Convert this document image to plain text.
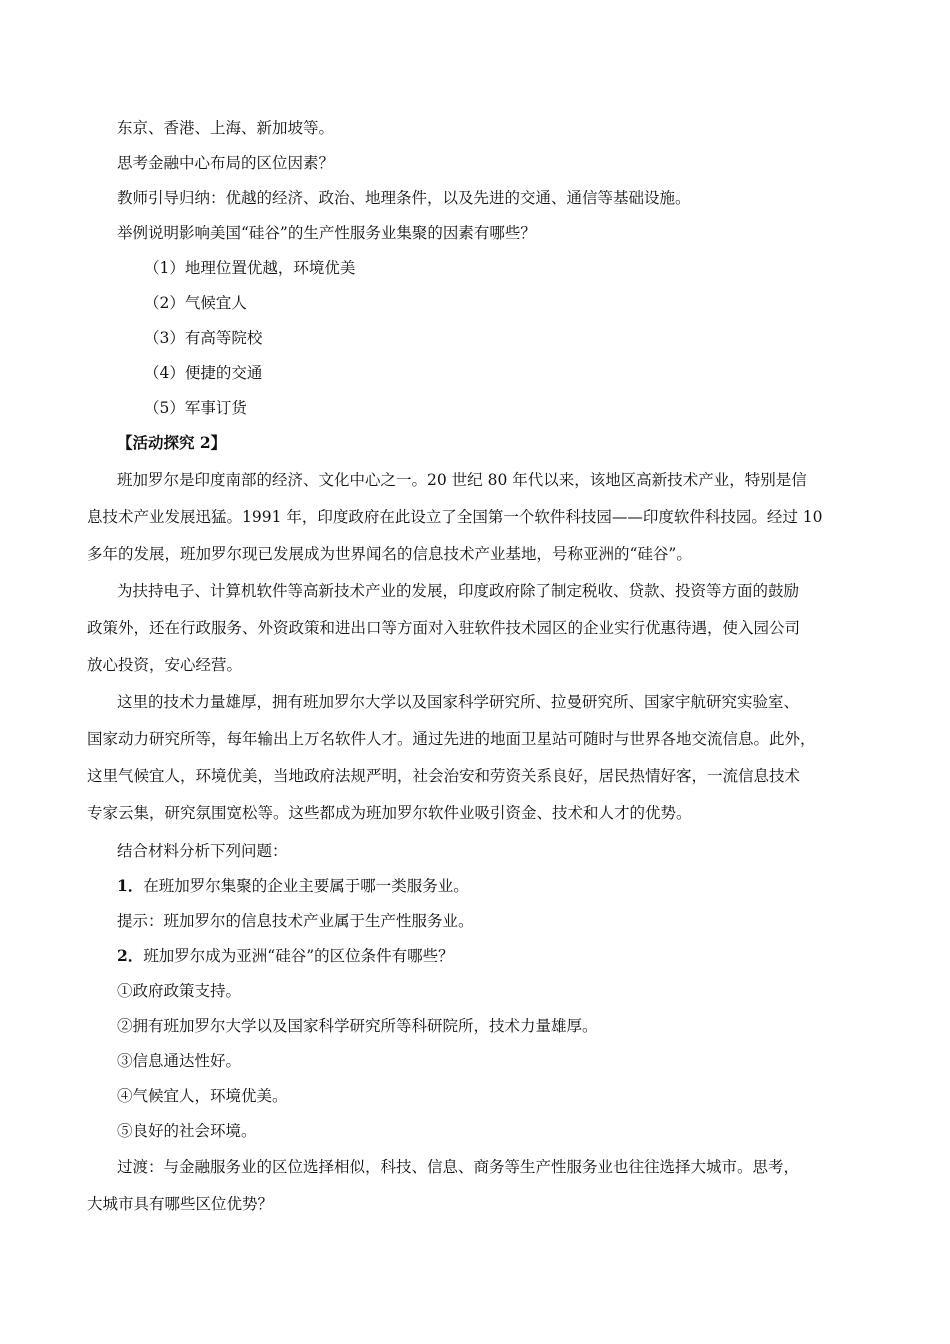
东京、香港、上海、新加坡等。
思考金融中心布局的区位因素？
教师引导归纳：优越的经济、政治、地理条件，以及先进的交通、通信等基础设施。
举例说明影响美国“硅谷”的生产性服务业集聚的因素有哪些？
（1）地理位置优越，环境优美
（2）气候宜人
（3）有高等院校
（4）便捷的交通
（5）军事订货
【活动探究 2】
班加罗尔是印度南部的经济、文化中心之一。20 世纪 80 年代以来，该地区高新技术产业，特别是信
息技术产业发展迅猛。1991 年，印度政府在此设立了全国第一个软件科技园——印度软件科技园。经过 10
多年的发展，班加罗尔现已发展成为世界闻名的信息技术产业基地，号称亚洲的“硅谷”。
为扶持电子、计算机软件等高新技术产业的发展，印度政府除了制定税收、贷款、投资等方面的鼓励
政策外，还在行政服务、外资政策和进出口等方面对入驻软件技术园区的企业实行优惠待遇，使入园公司
放心投资，安心经营。
这里的技术力量雄厚，拥有班加罗尔大学以及国家科学研究所、拉曼研究所、国家宇航研究实验室、
国家动力研究所等，每年输出上万名软件人才。通过先进的地面卫星站可随时与世界各地交流信息。此外，
这里气候宜人，环境优美，当地政府法规严明，社会治安和劳资关系良好，居民热情好客，一流信息技术
专家云集，研究氛围宽松等。这些都成为班加罗尔软件业吸引资金、技术和人才的优势。
结合材料分析下列问题：
1．在班加罗尔集聚的企业主要属于哪一类服务业。
提示：班加罗尔的信息技术产业属于生产性服务业。
2．班加罗尔成为亚洲“硅谷”的区位条件有哪些？
①政府政策支持。
②拥有班加罗尔大学以及国家科学研究所等科研院所，技术力量雄厚。
③信息通达性好。
④气候宜人，环境优美。
⑤良好的社会环境。
过渡：与金融服务业的区位选择相似，科技、信息、商务等生产性服务业也往往选择大城市。思考，
大城市具有哪些区位优势？
